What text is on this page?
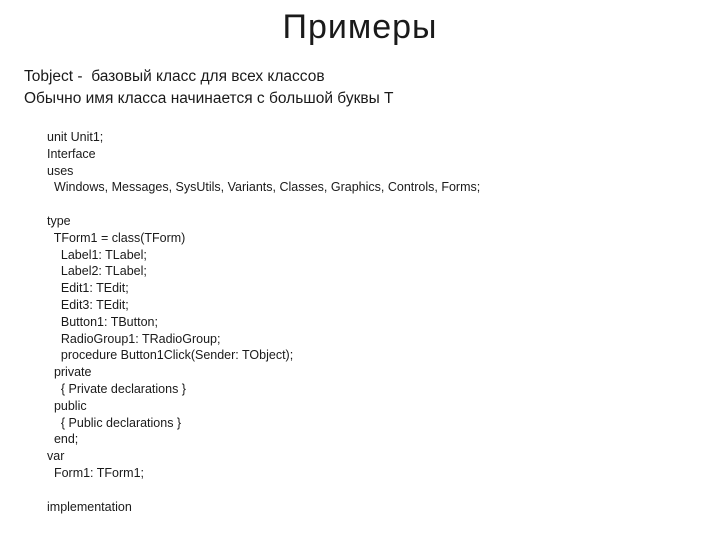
Примеры
Tobject -  базовый класс для всех классов
Обычно имя класса начинается с большой буквы Т
unit Unit1;
Interface
uses
Windows, Messages, SysUtils, Variants, Classes, Graphics, Controls, Forms;
type
TForm1 = class(TForm)
Label1: TLabel;
Label2: TLabel;
Edit1: TEdit;
Edit3: TEdit;
Button1: TButton;
RadioGroup1: TRadioGroup;
procedure Button1Click(Sender: TObject);
private
{ Private declarations }
public
{ Public declarations }
end;
var
Form1: TForm1;
implementation
